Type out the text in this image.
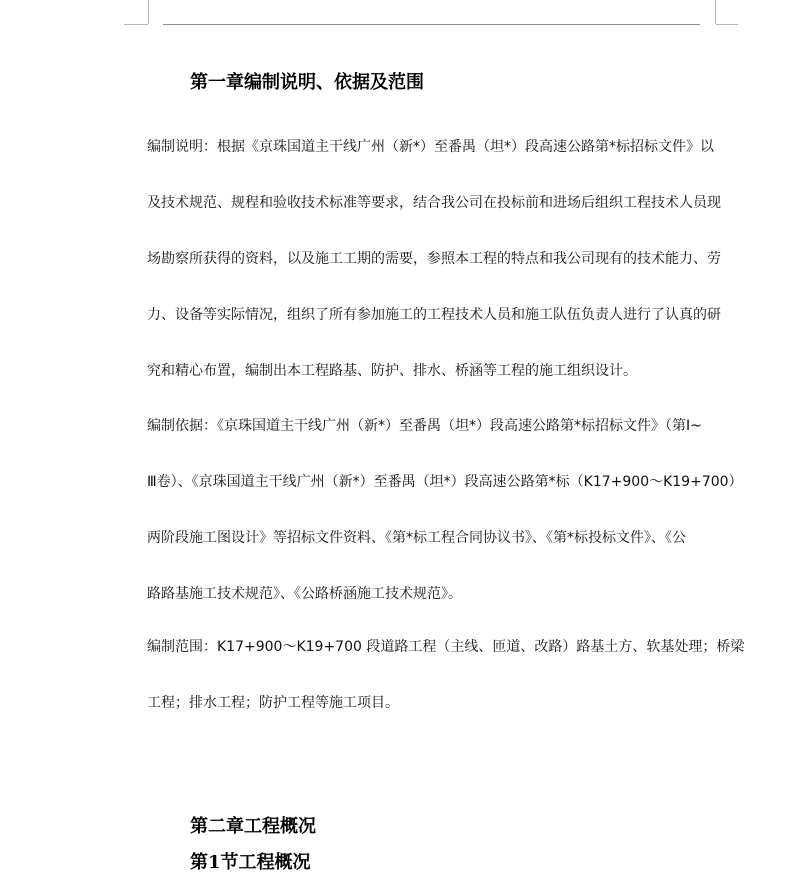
第一章编制说明、依据及范围

编制说明：根据《京珠国道主干线广州（新*）至番禺（坦*）段高速公路第*标招标文件》以
及技术规范、规程和验收技术标准等要求，结合我公司在投标前和进场后组织工程技术人员现
场勘察所获得的资料，以及施工工期的需要，参照本工程的特点和我公司现有的技术能力、劳
力、设备等实际情况，组织了所有参加施工的工程技术人员和施工队伍负责人进行了认真的研
究和精心布置，编制出本工程路基、防护、排水、桥涵等工程的施工组织设计。

编制依据：《京珠国道主干线广州（新*）至番禺（坦*）段高速公路第*标招标文件》（第Ⅰ~
Ⅲ卷）、《京珠国道主干线广州（新*）至番禺（坦*）段高速公路第*标（K17+900～K19+700）
两阶段施工图设计》等招标文件资料、《第*标工程合同协议书》、《第*标投标文件》、《公
路路基施工技术规范》、《公路桥涵施工技术规范》。

编制范围：K17+900～K19+700 段道路工程（主线、匝道、改路）路基土方、软基处理；桥梁
工程；排水工程；防护工程等施工项目。

第二章工程概况
第1节工程概况
